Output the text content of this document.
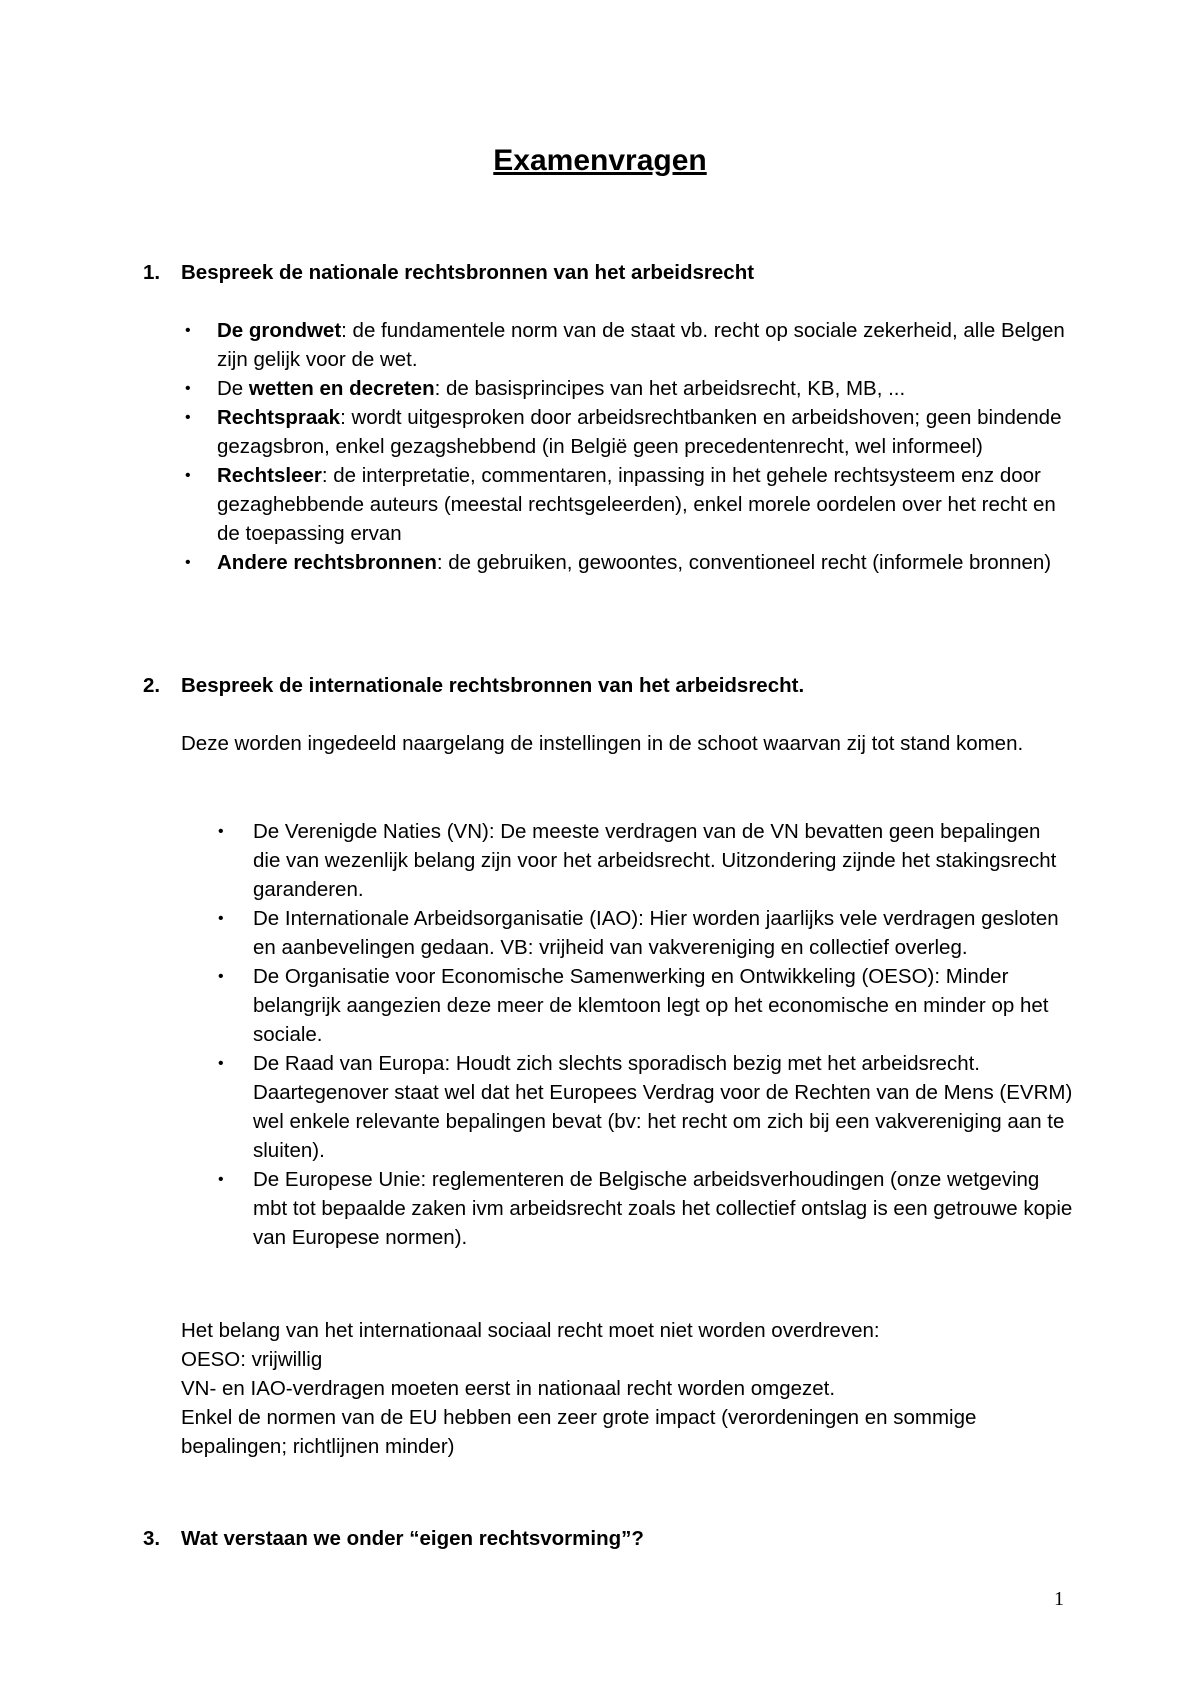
Examenvragen
1. Bespreek de nationale rechtsbronnen van het arbeidsrecht
• De grondwet: de fundamentele norm van de staat vb. recht op sociale zekerheid, alle Belgen zijn gelijk voor de wet.
• De wetten en decreten: de basisprincipes van het arbeidsrecht, KB, MB, ...
• Rechtspraak: wordt uitgesproken door arbeidsrechtbanken en arbeidshoven; geen bindende gezagsbron, enkel gezagshebbend (in België geen precedentenrecht, wel informeel)
• Rechtsleer: de interpretatie, commentaren, inpassing in het gehele rechtsysteem enz door gezaghebbende auteurs (meestal rechtsgeleerden), enkel morele oordelen over het recht en de toepassing ervan
• Andere rechtsbronnen: de gebruiken, gewoontes, conventioneel recht (informele bronnen)
2. Bespreek de internationale rechtsbronnen van het arbeidsrecht.

Deze worden ingedeeld naargelang de instellingen in de schoot waarvan zij tot stand komen.

• De Verenigde Naties (VN): De meeste verdragen van de VN bevatten geen bepalingen die van wezenlijk belang zijn voor het arbeidsrecht. Uitzondering zijnde het stakingsrecht garanderen.
• De Internationale Arbeidsorganisatie (IAO): Hier worden jaarlijks vele verdragen gesloten en aanbevelingen gedaan. VB: vrijheid van vakvereniging en collectief overleg.
• De Organisatie voor Economische Samenwerking en Ontwikkeling (OESO): Minder belangrijk aangezien deze meer de klemtoon legt op het economische en minder op het sociale.
• De Raad van Europa: Houdt zich slechts sporadisch bezig met het arbeidsrecht. Daartegenover staat wel dat het Europees Verdrag voor de Rechten van de Mens (EVRM) wel enkele relevante bepalingen bevat (bv: het recht om zich bij een vakvereniging aan te sluiten).
• De Europese Unie: reglementeren de Belgische arbeidsverhoudingen (onze wetgeving mbt tot bepaalde zaken ivm arbeidsrecht zoals het collectief ontslag is een getrouwe kopie van Europese normen).
Het belang van het internationaal sociaal recht moet niet worden overdreven:
OESO: vrijwillig
VN- en IAO-verdragen moeten eerst in nationaal recht worden omgezet.
Enkel de normen van de EU hebben een zeer grote impact (verordeningen en sommige bepalingen; richtlijnen minder)
3. Wat verstaan we onder “eigen rechtsvorming”?
1
